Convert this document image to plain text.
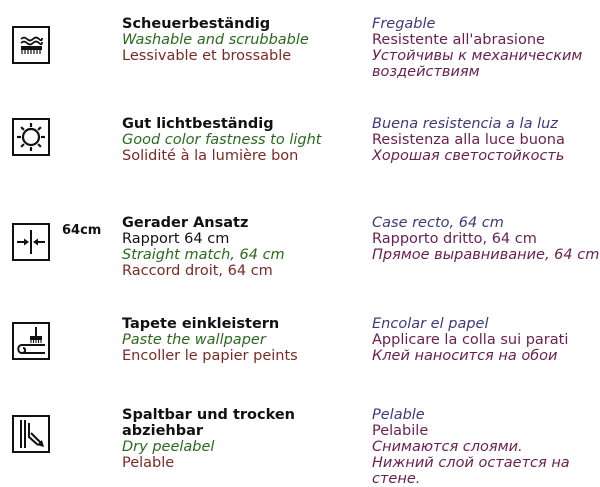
Scheuerbeständig
Washable and scrubbable
Lessivable et brossable
Fregable
Resistente all'abrasione
Устойчивы к механическим воздействиям
Gut lichtbeständig
Good color fastness to light
Solidité à la lumière bon
Buena resistencia a la luz
Resistenza alla luce buona
Хорошая светостойкость
64cm Gerader Ansatz
Rapport 64 cm
Straight match, 64 cm
Raccord droit, 64 cm
Case recto, 64 cm
Rapporto dritto, 64 cm
Прямое выравнивание, 64 cm
Tapete einkleistern
Paste the wallpaper
Encoller le papier peints
Encolar el papel
Applicare la colla sui parati
Клей наносится на обои
Spaltbar und trocken abziehbar
Dry peelabel
Pelable
Pelable
Pelabile
Снимаются слоями. Нижний слой остается на стене.
